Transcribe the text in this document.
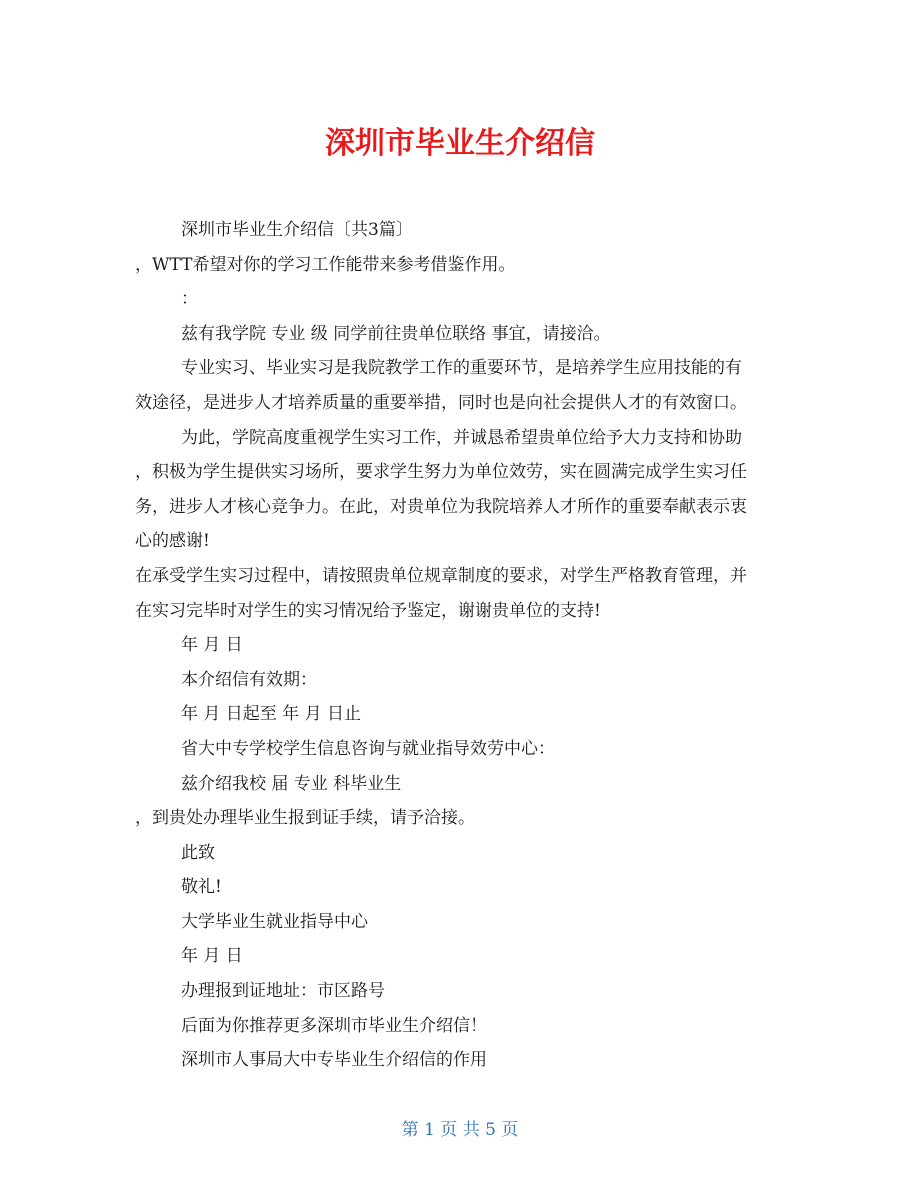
深圳市毕业生介绍信
深圳市毕业生介绍信〔共3篇〕
，WTT希望对你的学习工作能带来参考借鉴作用。
：
兹有我学院 专业 级 同学前往贵单位联络 事宜，请接洽。
专业实习、毕业实习是我院教学工作的重要环节，是培养学生应用技能的有
效途径，是进步人才培养质量的重要举措，同时也是向社会提供人才的有效窗口。
为此，学院高度重视学生实习工作，并诚恳希望贵单位给予大力支持和协助
，积极为学生提供实习场所，要求学生努力为单位效劳，实在圆满完成学生实习任
务，进步人才核心竞争力。在此，对贵单位为我院培养人才所作的重要奉献表示衷
心的感谢!
在承受学生实习过程中，请按照贵单位规章制度的要求，对学生严格教育管理，并
在实习完毕时对学生的实习情况给予鉴定，谢谢贵单位的支持!
年 月 日
本介绍信有效期：
年 月 日起至 年 月 日止
省大中专学校学生信息咨询与就业指导效劳中心：
兹介绍我校 届 专业 科毕业生
，到贵处办理毕业生报到证手续，请予洽接。
此致
敬礼!
大学毕业生就业指导中心
年 月 日
办理报到证地址：市区路号
后面为你推荐更多深圳市毕业生介绍信！
深圳市人事局大中专毕业生介绍信的作用
第 1 页 共 5 页
